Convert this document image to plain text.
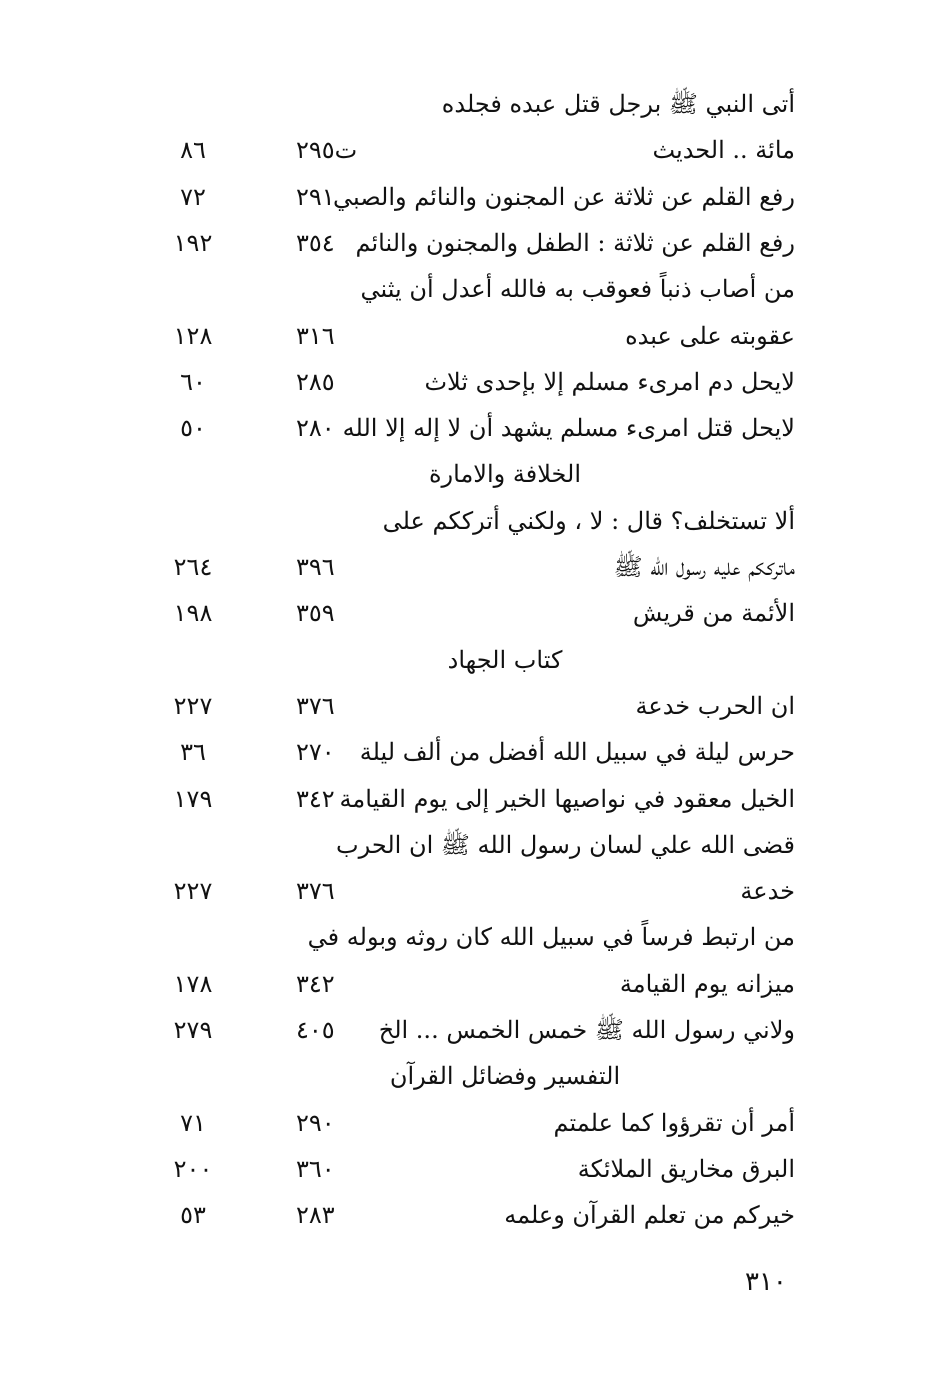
أتى النبي ﷺ برجل قتل عبده فجلده
مائة .. الحديث
ت٢٩٥
٨٦
رفع القلم عن ثلاثة عن المجنون والنائم والصبي
٢٩١
٧٢
رفع القلم عن ثلاثة : الطفل والمجنون والنائم
٣٥٤
١٩٢
من أصاب ذنباً فعوقب به فالله أعدل أن يثني
عقوبته على عبده
٣١٦
١٢٨
لايحل دم امرىء مسلم إلا بإحدى ثلاث
٢٨٥
٦٠
لايحل قتل امرىء مسلم يشهد أن لا إله إلا الله
٢٨٠
٥٠
الخلافة والامارة
ألا تستخلف؟ قال : لا ، ولكني أترككم على
ماترككم عليه رسول الله ﷺ
٣٩٦
٢٦٤
الأئمة من قريش
٣٥٩
١٩٨
كتاب الجهاد
ان الحرب خدعة
٣٧٦
٢٢٧
حرس ليلة في سبيل الله أفضل من ألف ليلة
٢٧٠
٣٦
الخيل معقود في نواصيها الخير إلى يوم القيامة
٣٤٢
١٧٩
قضى الله علي لسان رسول الله ﷺ ان الحرب
خدعة
٣٧٦
٢٢٧
من ارتبط فرساً في سبيل الله كان روثه وبوله في
ميزانه يوم القيامة
٣٤٢
١٧٨
ولاني رسول الله ﷺ خمس الخمس ... الخ
٤٠٥
٢٧٩
التفسير وفضائل القرآن
أمر أن تقرؤوا كما علمتم
٢٩٠
٧١
البرق مخاريق الملائكة
٣٦٠
٢٠٠
خيركم من تعلم القرآن وعلمه
٢٨٣
٥٣
٣١٠
